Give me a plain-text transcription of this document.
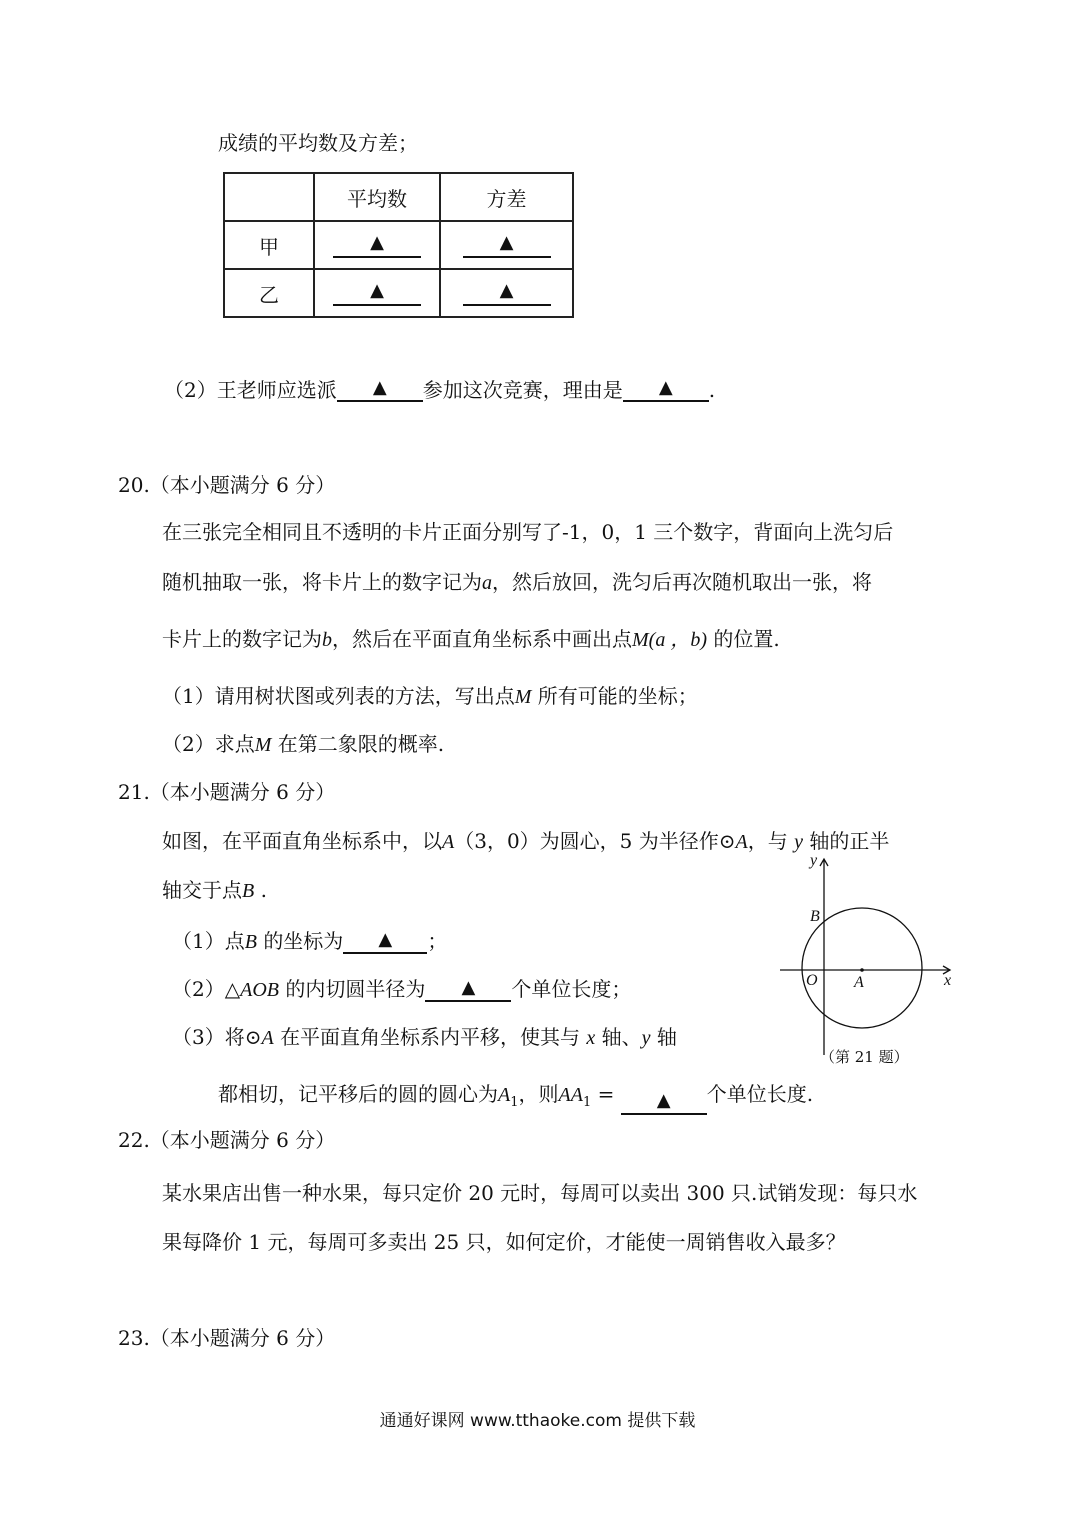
成绩的平均数及方差；
	平均数	方差
甲	▲	▲
乙	▲	▲
（2）王老师应选派 ▲ 参加这次竞赛，理由是 ▲ .
20.（本小题满分 6 分）
在三张完全相同且不透明的卡片正面分别写了-1，0，1 三个数字，背面向上洗匀后
随机抽取一张，将卡片上的数字记为a，然后放回，洗匀后再次随机取出一张，将
卡片上的数字记为b，然后在平面直角坐标系中画出点M(a ，b) 的位置.
（1）请用树状图或列表的方法，写出点M 所有可能的坐标；
（2）求点M 在第二象限的概率.
21.（本小题满分 6 分）
如图，在平面直角坐标系中，以A（3，0）为圆心，5 为半径作⊙A，与 y 轴的正半
轴交于点B .
（1）点B 的坐标为 ▲ ；
（2）△AOB 的内切圆半径为 ▲ 个单位长度；
（3）将⊙A 在平面直角坐标系内平移，使其与 x 轴、y 轴
都相切，记平移后的圆的圆心为$A_1$，则$AA_1$ = ▲ 个单位长度.
y
x
O A
B
（第 21 题）
22.（本小题满分 6 分）
某水果店出售一种水果，每只定价 20 元时，每周可以卖出 300 只.试销发现：每只水
果每降价 1 元，每周可多卖出 25 只，如何定价，才能使一周销售收入最多？
23.（本小题满分 6 分）
通通好课网 www.tthaoke.com 提供下载
